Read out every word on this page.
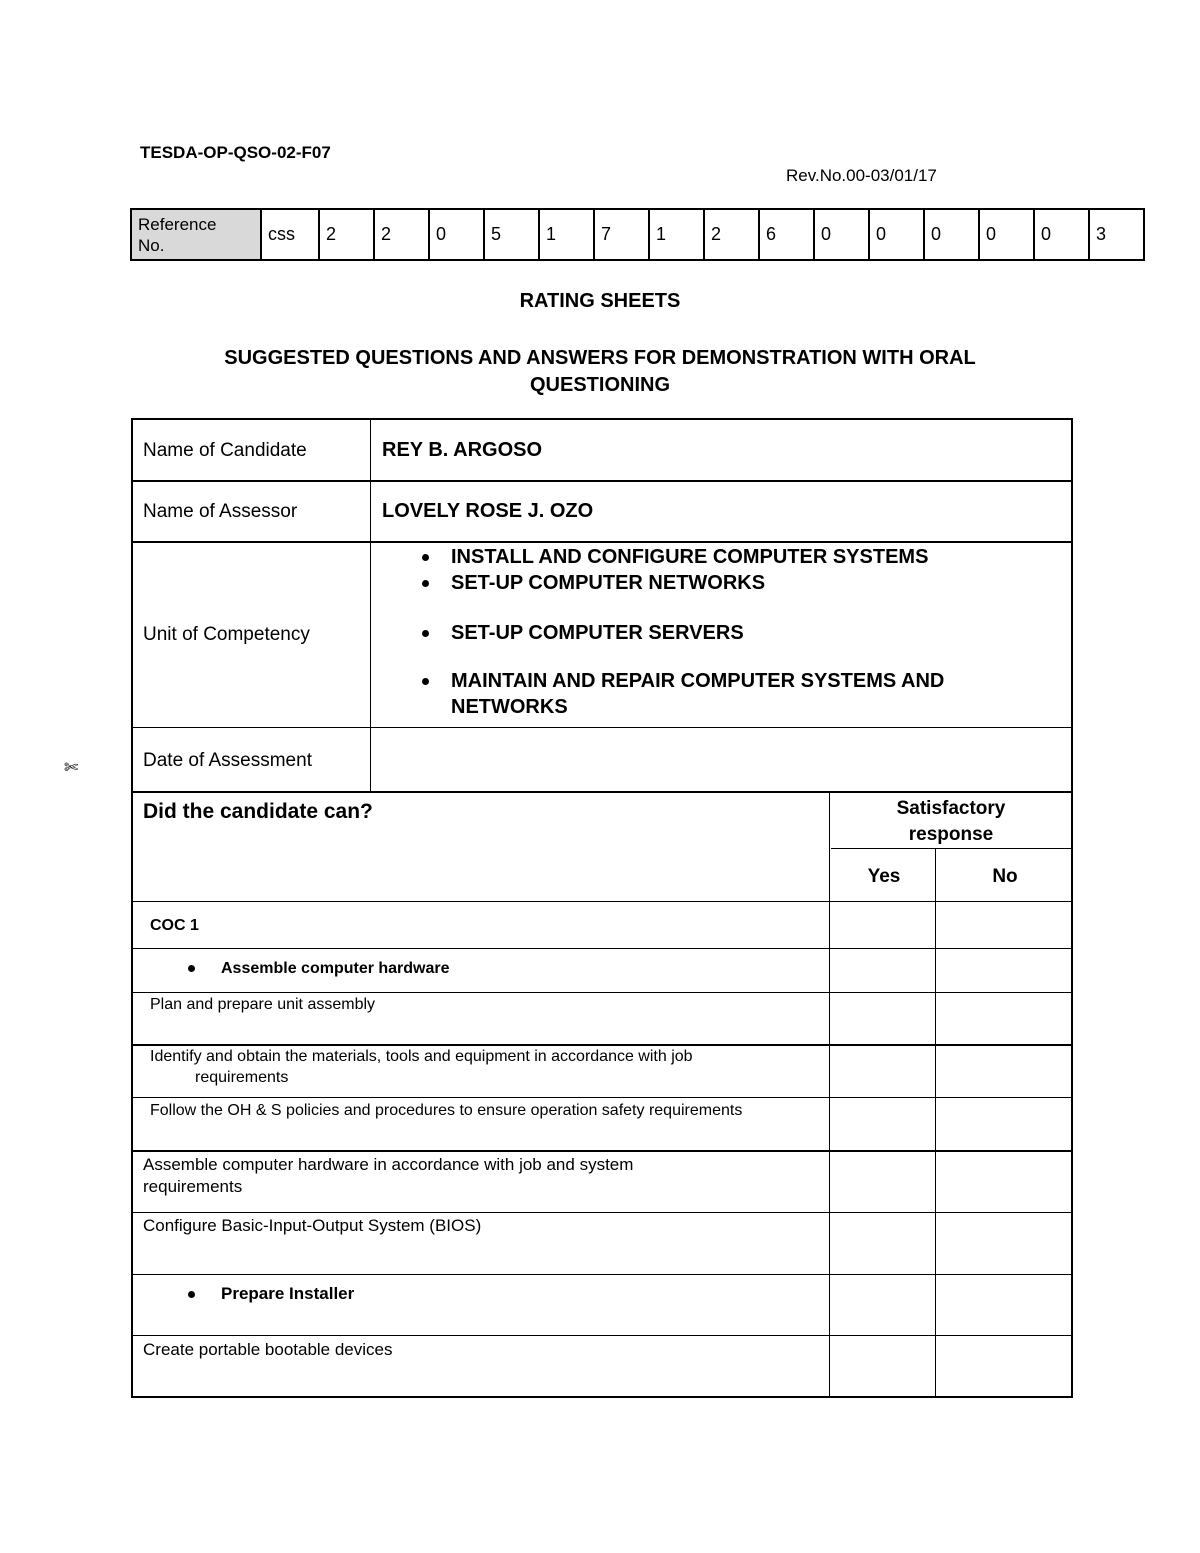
TESDA-OP-QSO-02-F07
Rev.No.00-03/01/17
Reference
No.
	css	2	2	0	5	1	7	1	2	6	0	0	0	0	0	3
RATING SHEETS
SUGGESTED QUESTIONS AND ANSWERS FOR DEMONSTRATION WITH ORAL
QUESTIONING
✄
Name of Candidate	REY B. ARGOSO
Name of Assessor	LOVELY ROSE J. OZO
Unit of Competency
INSTALL AND CONFIGURE COMPUTER SYSTEMS
SET-UP COMPUTER NETWORKS
SET-UP COMPUTER SERVERS
MAINTAIN AND REPAIR COMPUTER SYSTEMS AND NETWORKS
Date of Assessment
Did the candidate can?	Satisfactory
response
Yes	No
COC 1
Assemble computer hardware
Plan and prepare unit assembly
Identify and obtain the materials, tools and equipment in accordance with job
requirements
Follow the OH & S policies and procedures to ensure operation safety requirements
Assemble computer hardware in accordance with job and system
requirements
Configure Basic-Input-Output System (BIOS)
Prepare Installer
Create portable bootable devices
